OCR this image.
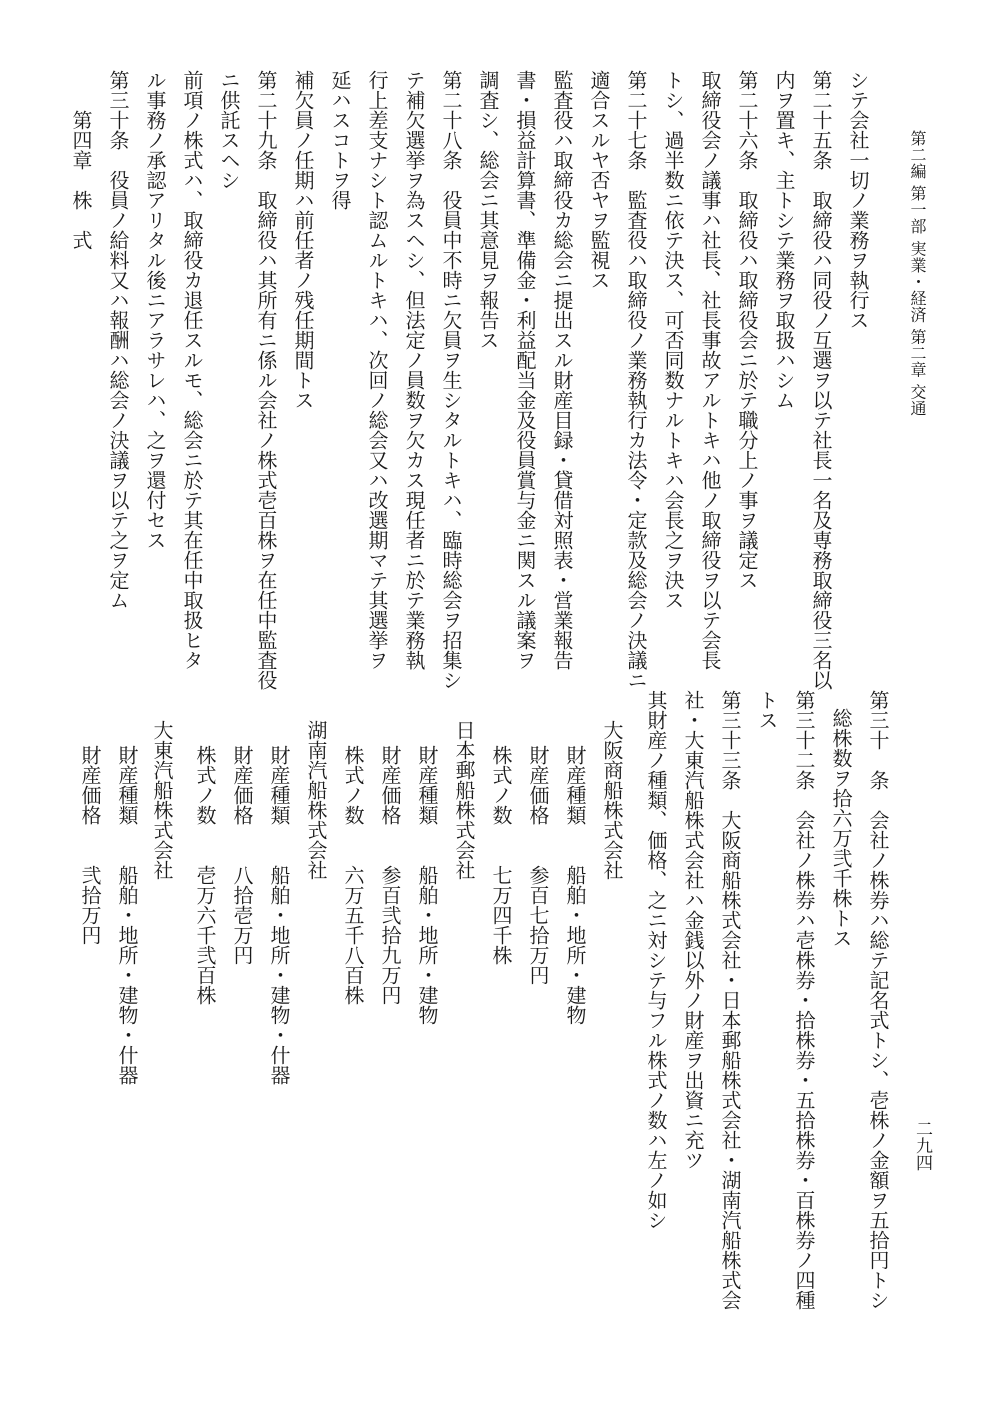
第二編 第一部 実業・経済 第二章 交通
シテ会社一切ノ業務ヲ執行ス
第二十五条　取締役ハ同役ノ互選ヲ以テ社長一名及専務取締役三名以
内ヲ置キ、主トシテ業務ヲ取扱ハシム
第二十六条　取締役ハ取締役会ニ於テ職分上ノ事ヲ議定ス
取締役会ノ議事ハ社長、社長事故アルトキハ他ノ取締役ヲ以テ会長
トシ、過半数ニ依テ決ス、可否同数ナルトキハ会長之ヲ決ス
第二十七条　監査役ハ取締役ノ業務執行カ法令・定款及総会ノ決議ニ
適合スルヤ否ヤヲ監視ス
監査役ハ取締役カ総会ニ提出スル財産目録・貸借対照表・営業報告
書・損益計算書、準備金・利益配当金及役員賞与金ニ関スル議案ヲ
調査シ、総会ニ其意見ヲ報告ス
第二十八条　役員中不時ニ欠員ヲ生シタルトキハ、臨時総会ヲ招集シ
テ補欠選挙ヲ為スヘシ、但法定ノ員数ヲ欠カス現任者ニ於テ業務執
行上差支ナシト認ムルトキハ、次回ノ総会又ハ改選期マテ其選挙ヲ
延ハスコトヲ得
補欠員ノ任期ハ前任者ノ残任期間トス
第二十九条　取締役ハ其所有ニ係ル会社ノ株式壱百株ヲ在任中監査役
ニ供託スヘシ
前項ノ株式ハ、取締役カ退任スルモ、総会ニ於テ其在任中取扱ヒタ
ル事務ノ承認アリタル後ニアラサレハ、之ヲ還付セス
第三十条　役員ノ給料又ハ報酬ハ総会ノ決議ヲ以テ之ヲ定ム
第四章　株　式
第三十　条　会社ノ株券ハ総テ記名式トシ、壱株ノ金額ヲ五拾円トシ
総株数ヲ拾六万弐千株トス
第三十二条　会社ノ株券ハ壱株券・拾株券・五拾株券・百株券ノ四種
トス
第三十三条　大阪商船株式会社・日本郵船株式会社・湖南汽船株式会
社・大東汽船株式会社ハ金銭以外ノ財産ヲ出資ニ充ツ
其財産ノ種類、価格、之ニ対シテ与フル株式ノ数ハ左ノ如シ
大阪商船株式会社
財産種類　　船舶・地所・建物
財産価格　　参百七拾万円
株式ノ数　　七万四千株
日本郵船株式会社
財産種類　　船舶・地所・建物
財産価格　　参百弐拾九万円
株式ノ数　　六万五千八百株
湖南汽船株式会社
財産種類　　船舶・地所・建物・什器
財産価格　　八拾壱万円
株式ノ数　　壱万六千弐百株
大東汽船株式会社
財産種類　　船舶・地所・建物・什器
財産価格　　弐拾万円
二九四
